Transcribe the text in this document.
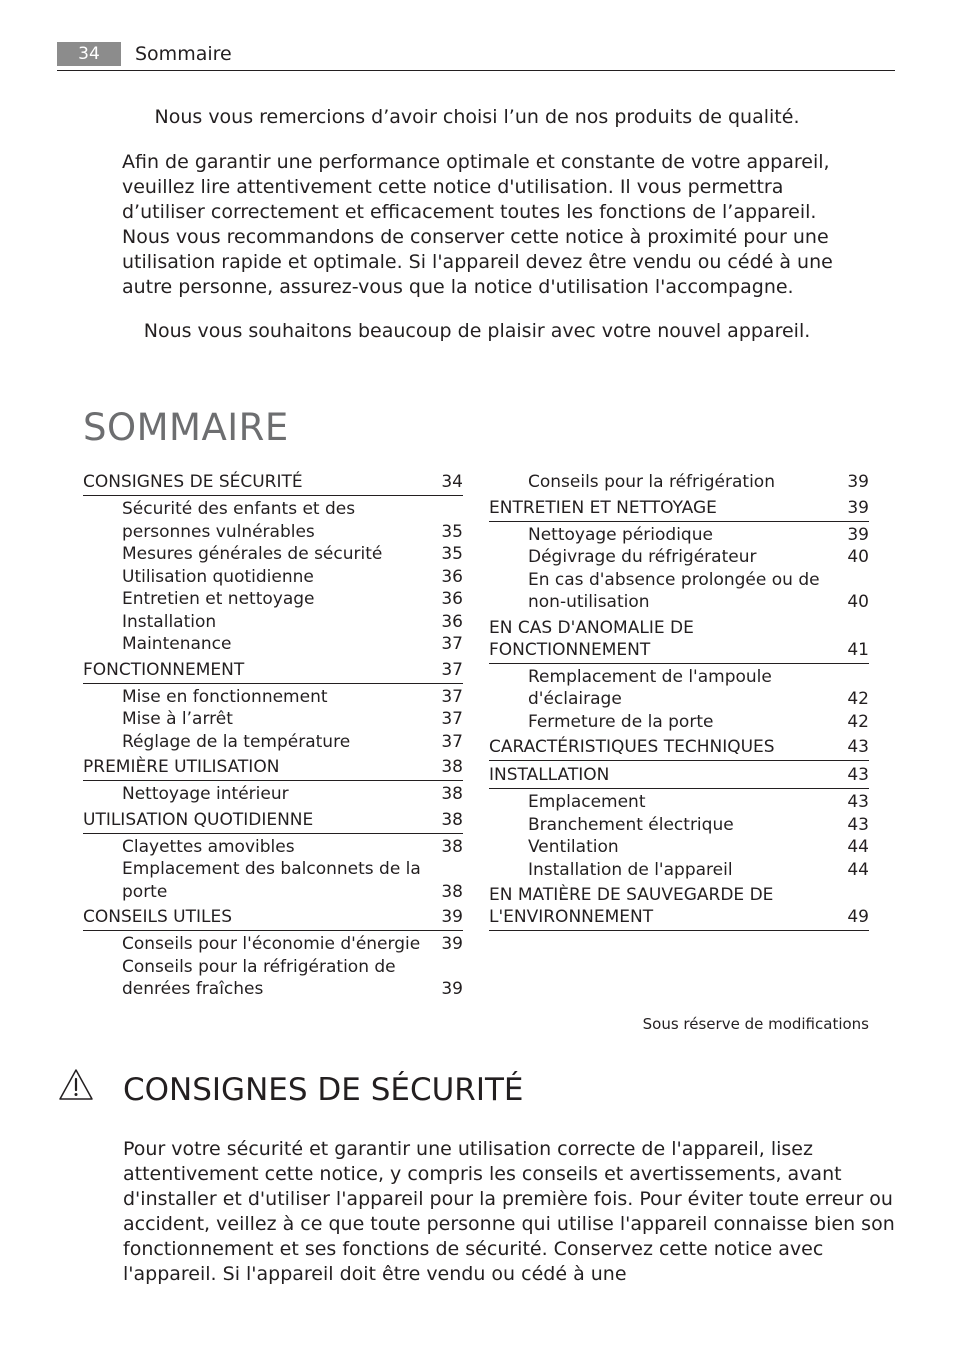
34	Sommaire
Nous vous remercions d’avoir choisi l’un de nos produits de qualité.

Afin de garantir une performance optimale et constante de votre appareil, veuillez lire attentivement cette notice d'utilisation. Il vous permettra d’utiliser correctement et efficacement toutes les fonctions de l’appareil. Nous vous recommandons de conserver cette notice à proximité pour une utilisation rapide et optimale. Si l'appareil devez être vendu ou cédé à une autre personne, assurez-vous que la notice d'utilisation l'accompagne.

Nous vous souhaitons beaucoup de plaisir avec votre nouvel appareil.
SOMMAIRE
CONSIGNES DE SÉCURITÉ	34
Sécurité des enfants et des personnes vulnérables	35
Mesures générales de sécurité	35
Utilisation quotidienne	36
Entretien et nettoyage	36
Installation	36
Maintenance	37
FONCTIONNEMENT	37
Mise en fonctionnement	37
Mise à l’arrêt	37
Réglage de la température	37
PREMIÈRE UTILISATION	38
Nettoyage intérieur	38
UTILISATION QUOTIDIENNE	38
Clayettes amovibles	38
Emplacement des balconnets de la porte	38
CONSEILS UTILES	39
Conseils pour l'économie d'énergie	39
Conseils pour la réfrigération de denrées fraîches	39
Conseils pour la réfrigération	39
ENTRETIEN ET NETTOYAGE	39
Nettoyage périodique	39
Dégivrage du réfrigérateur	40
En cas d'absence prolongée ou de non-utilisation	40
EN CAS D'ANOMALIE DE FONCTIONNEMENT	41
Remplacement de l'ampoule d'éclairage	42
Fermeture de la porte	42
CARACTÉRISTIQUES TECHNIQUES	43
INSTALLATION	43
Emplacement	43
Branchement électrique	43
Ventilation	44
Installation de l'appareil	44
EN MATIÈRE DE SAUVEGARDE DE L'ENVIRONNEMENT	49
Sous réserve de modifications
CONSIGNES DE SÉCURITÉ

Pour votre sécurité et garantir une utilisation correcte de l'appareil, lisez attentivement cette notice, y compris les conseils et avertissements, avant d'installer et d'utiliser l'appareil pour la première fois. Pour éviter toute erreur ou accident, veillez à ce que toute personne qui utilise l'appareil connaisse bien son fonctionnement et ses fonctions de sécurité. Conservez cette notice avec l'appareil. Si l'appareil doit être vendu ou cédé à une
